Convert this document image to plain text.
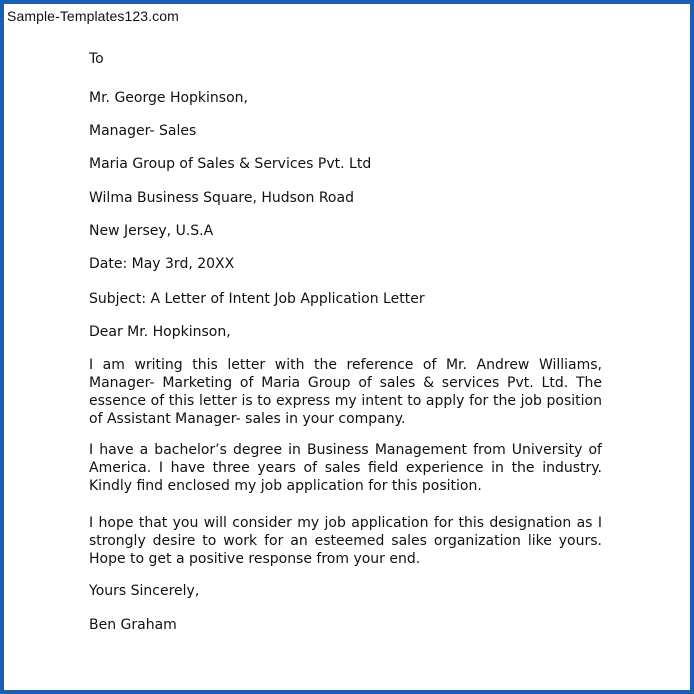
Sample-Templates123.com
To
Mr. George Hopkinson,
Manager- Sales
Maria Group of Sales & Services Pvt. Ltd
Wilma Business Square, Hudson Road
New Jersey, U.S.A
Date: May 3rd, 20XX
Subject: A Letter of Intent Job Application Letter
Dear Mr. Hopkinson,
I am writing this letter with the reference of Mr. Andrew Williams, Manager- Marketing of Maria Group of sales & services Pvt. Ltd. The essence of this letter is to express my intent to apply for the job position of Assistant Manager- sales in your company.
I have a bachelor’s degree in Business Management from University of America. I have three years of sales field experience in the industry. Kindly find enclosed my job application for this position.
I hope that you will consider my job application for this designation as I strongly desire to work for an esteemed sales organization like yours. Hope to get a positive response from your end.
Yours Sincerely,
Ben Graham
